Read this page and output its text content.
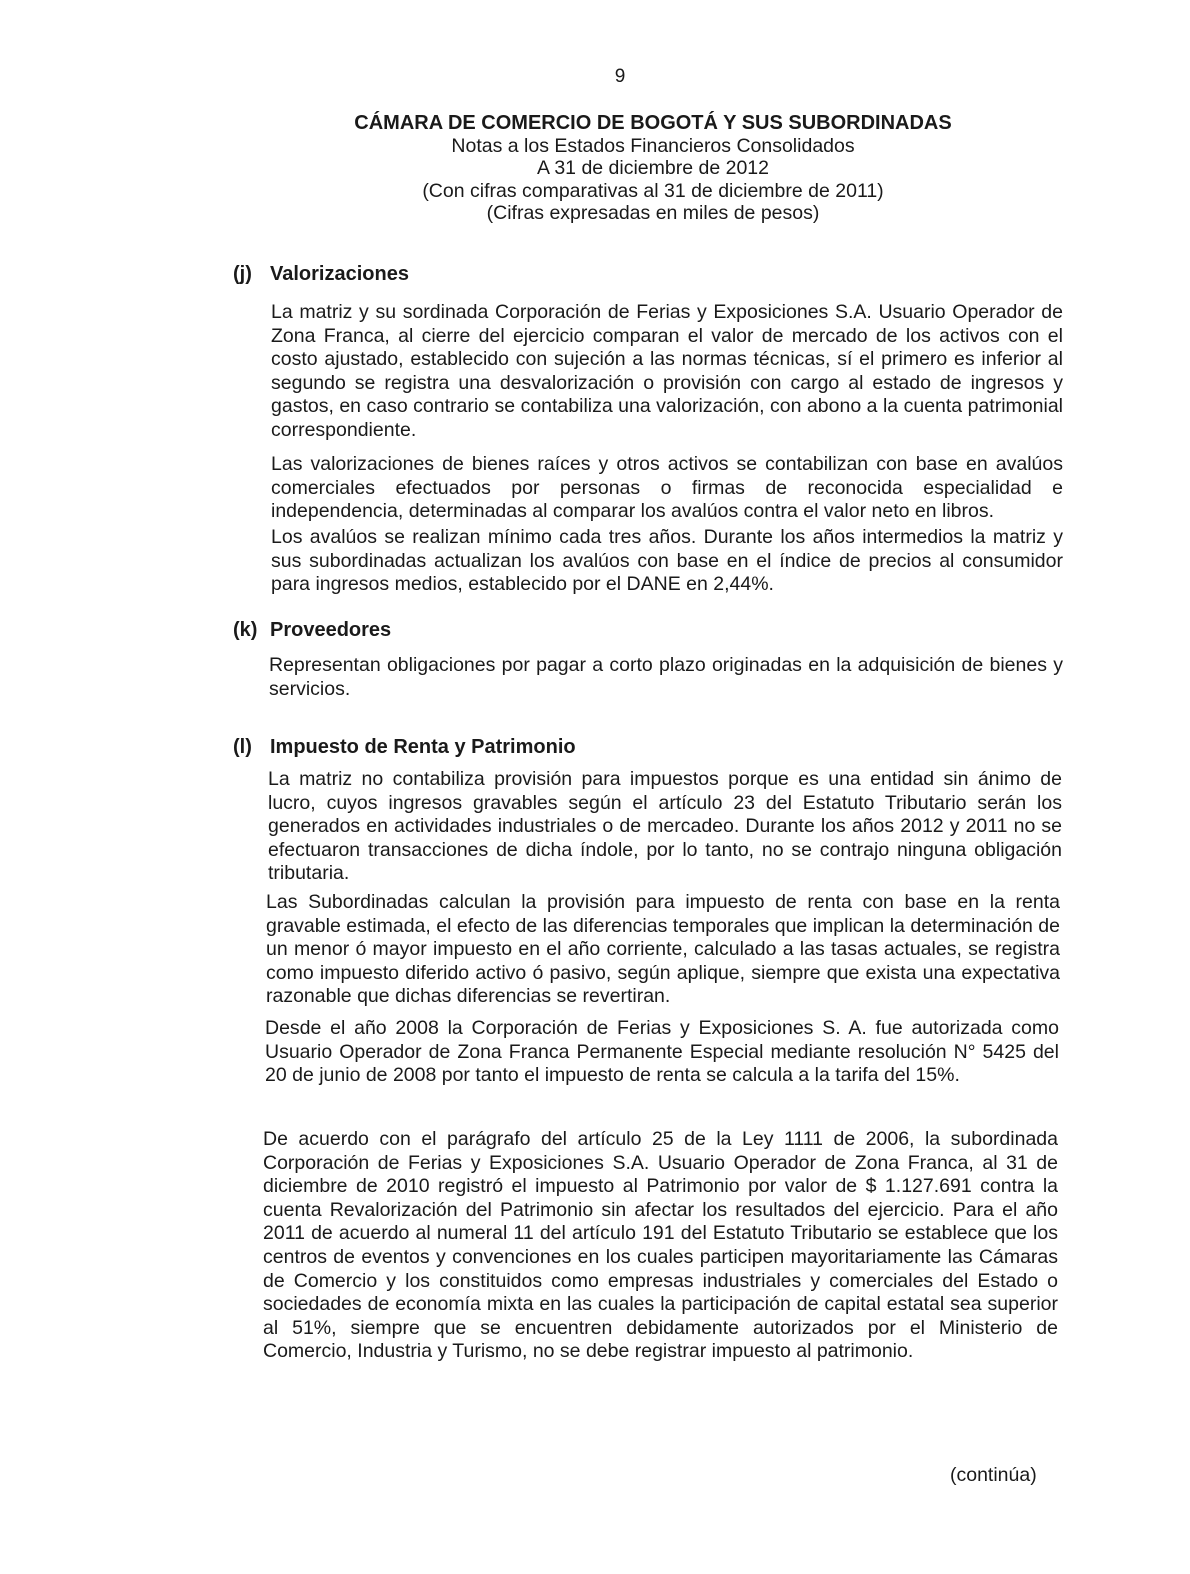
9
CÁMARA DE COMERCIO DE BOGOTÁ Y SUS SUBORDINADAS
Notas a los Estados Financieros Consolidados
A 31 de diciembre de 2012
(Con cifras comparativas al 31 de diciembre de 2011)
(Cifras expresadas en miles de pesos)
(j) Valorizaciones

La matriz y su sordinada Corporación de Ferias y Exposiciones S.A. Usuario Operador de Zona Franca, al cierre del ejercicio comparan el valor de mercado de los activos con el costo ajustado, establecido con sujeción a las normas técnicas, sí el primero es inferior al segundo se registra una desvalorización o provisión con cargo al estado de ingresos y gastos, en caso contrario se contabiliza una valorización, con abono a la cuenta patrimonial correspondiente.

Las valorizaciones de bienes raíces y otros activos se contabilizan con base en avalúos comerciales efectuados por personas o firmas de reconocida especialidad e independencia, determinadas al comparar los avalúos contra el valor neto en libros.

Los avalúos se realizan mínimo cada tres años. Durante los años intermedios la matriz y sus subordinadas actualizan los avalúos con base en el índice de precios al consumidor para ingresos medios, establecido por el DANE en 2,44%.

(k) Proveedores

Representan obligaciones por pagar a corto plazo originadas en la adquisición de bienes y servicios.

(l) Impuesto de Renta y Patrimonio

La matriz no contabiliza provisión para impuestos porque es una entidad sin ánimo de lucro, cuyos ingresos gravables según el artículo 23 del Estatuto Tributario serán los generados en actividades industriales o de mercadeo. Durante los años 2012 y 2011 no se efectuaron transacciones de dicha índole, por lo tanto, no se contrajo ninguna obligación tributaria.

Las Subordinadas calculan la provisión para impuesto de renta con base en la renta gravable estimada, el efecto de las diferencias temporales que implican la determinación de un menor ó mayor impuesto en el año corriente, calculado a las tasas actuales, se registra como impuesto diferido activo ó pasivo, según aplique, siempre que exista una expectativa razonable que dichas diferencias se revertiran.

Desde el año 2008 la Corporación de Ferias y Exposiciones S. A. fue autorizada como Usuario Operador de Zona Franca Permanente Especial mediante resolución N° 5425 del 20 de junio de 2008 por tanto el impuesto de renta se calcula a la tarifa del 15%.

De acuerdo con el parágrafo del artículo 25 de la Ley 1111 de 2006, la subordinada Corporación de Ferias y Exposiciones S.A. Usuario Operador de Zona Franca, al 31 de diciembre de 2010 registró el impuesto al Patrimonio por valor de $ 1.127.691 contra la cuenta Revalorización del Patrimonio sin afectar los resultados del ejercicio. Para el año 2011 de acuerdo al numeral 11 del artículo 191 del Estatuto Tributario se establece que los centros de eventos y convenciones en los cuales participen mayoritariamente las Cámaras de Comercio y los constituidos como empresas industriales y comerciales del Estado o sociedades de economía mixta en las cuales la participación de capital estatal sea superior al 51%, siempre que se encuentren debidamente autorizados por el Ministerio de Comercio, Industria y Turismo, no se debe registrar impuesto al patrimonio.

(continúa)
